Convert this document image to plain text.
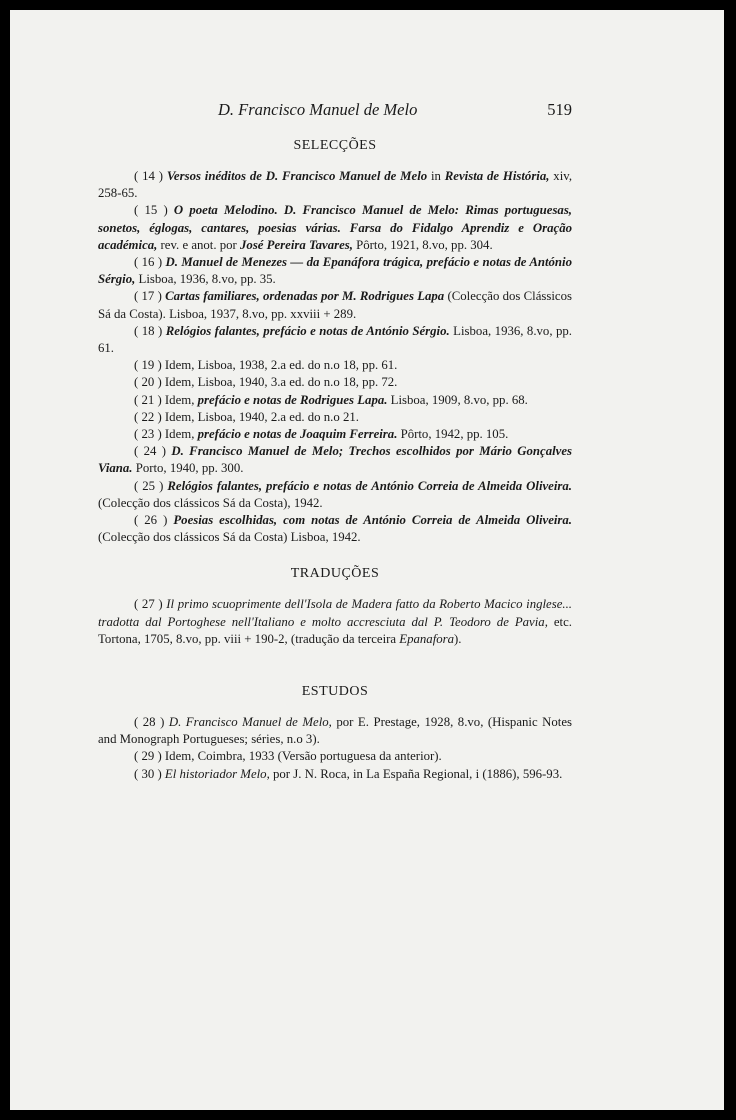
D. Francisco Manuel de Melo	519

SELECÇÕES

( 14 ) Versos inéditos de D. Francisco Manuel de Melo in Revista de História, xiv, 258-65.

( 15 ) O poeta Melodino. D. Francisco Manuel de Melo: Rimas portuguesas, sonetos, églogas, cantares, poesias várias. Farsa do Fidalgo Aprendiz e Oração académica, rev. e anot. por José Pereira Tavares, Pôrto, 1921, 8.vo, pp. 304.

( 16 ) D. Manuel de Menezes — da Epanáfora trágica, prefácio e notas de António Sérgio, Lisboa, 1936, 8.vo, pp. 35.

( 17 ) Cartas familiares, ordenadas por M. Rodrigues Lapa (Colecção dos Clássicos Sá da Costa). Lisboa, 1937, 8.vo, pp. xxviii + 289.

( 18 ) Relógios falantes, prefácio e notas de António Sérgio. Lisboa, 1936, 8.vo, pp. 61.

( 19 ) Idem, Lisboa, 1938, 2.a ed. do n.o 18, pp. 61.

( 20 ) Idem, Lisboa, 1940, 3.a ed. do n.o 18, pp. 72.

( 21 ) Idem, prefácio e notas de Rodrigues Lapa. Lisboa, 1909, 8.vo, pp. 68.

( 22 ) Idem, Lisboa, 1940, 2.a ed. do n.o 21.

( 23 ) Idem, prefácio e notas de Joaquim Ferreira. Pôrto, 1942, pp. 105.

( 24 ) D. Francisco Manuel de Melo; Trechos escolhidos por Mário Gonçalves Viana. Porto, 1940, pp. 300.

( 25 ) Relógios falantes, prefácio e notas de António Correia de Almeida Oliveira. (Colecção dos clássicos Sá da Costa), 1942.

( 26 ) Poesias escolhidas, com notas de António Correia de Almeida Oliveira. (Colecção dos clássicos Sá da Costa) Lisboa, 1942.

TRADUÇÕES

( 27 ) Il primo scuoprimente dell'Isola de Madera fatto da Roberto Macico inglese... tradotta dal Portoghese nell'Italiano e molto accresciuta dal P. Teodoro de Pavia, etc. Tortona, 1705, 8.vo, pp. viii + 190-2, (tradução da terceira Epanafora).

ESTUDOS

( 28 ) D. Francisco Manuel de Melo, por E. Prestage, 1928, 8.vo, (Hispanic Notes and Monograph Portugueses; séries, n.o 3).

( 29 ) Idem, Coimbra, 1933 (Versão portuguesa da anterior).

( 30 ) El historiador Melo, por J. N. Roca, in La España Regional, i (1886), 596-93.
